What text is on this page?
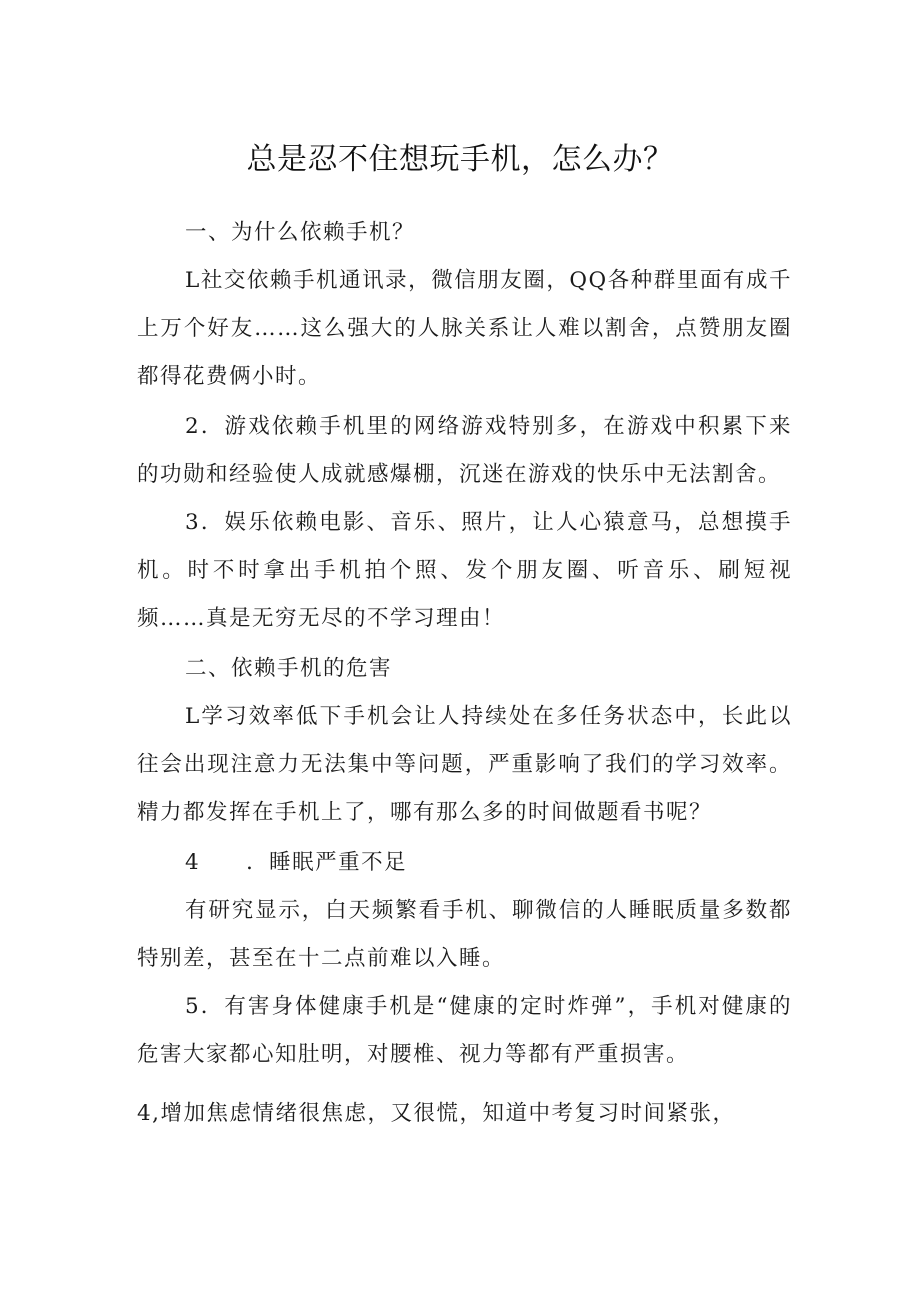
总是忍不住想玩手机，怎么办？

一、为什么依赖手机？

L社交依赖手机通讯录，微信朋友圈，QQ各种群里面有成千上万个好友……这么强大的人脉关系让人难以割舍，点赞朋友圈都得花费俩小时。

2．游戏依赖手机里的网络游戏特别多，在游戏中积累下来的功勋和经验使人成就感爆棚，沉迷在游戏的快乐中无法割舍。

3．娱乐依赖电影、音乐、照片，让人心猿意马，总想摸手机。时不时拿出手机拍个照、发个朋友圈、听音乐、刷短视频……真是无穷无尽的不学习理由！

二、依赖手机的危害

L学习效率低下手机会让人持续处在多任务状态中，长此以往会出现注意力无法集中等问题，严重影响了我们的学习效率。精力都发挥在手机上了，哪有那么多的时间做题看书呢？

4　　．睡眠严重不足

有研究显示，白天频繁看手机、聊微信的人睡眠质量多数都特别差，甚至在十二点前难以入睡。

5．有害身体健康手机是“健康的定时炸弹”，手机对健康的危害大家都心知肚明，对腰椎、视力等都有严重损害。

4,增加焦虑情绪很焦虑，又很慌，知道中考复习时间紧张，
